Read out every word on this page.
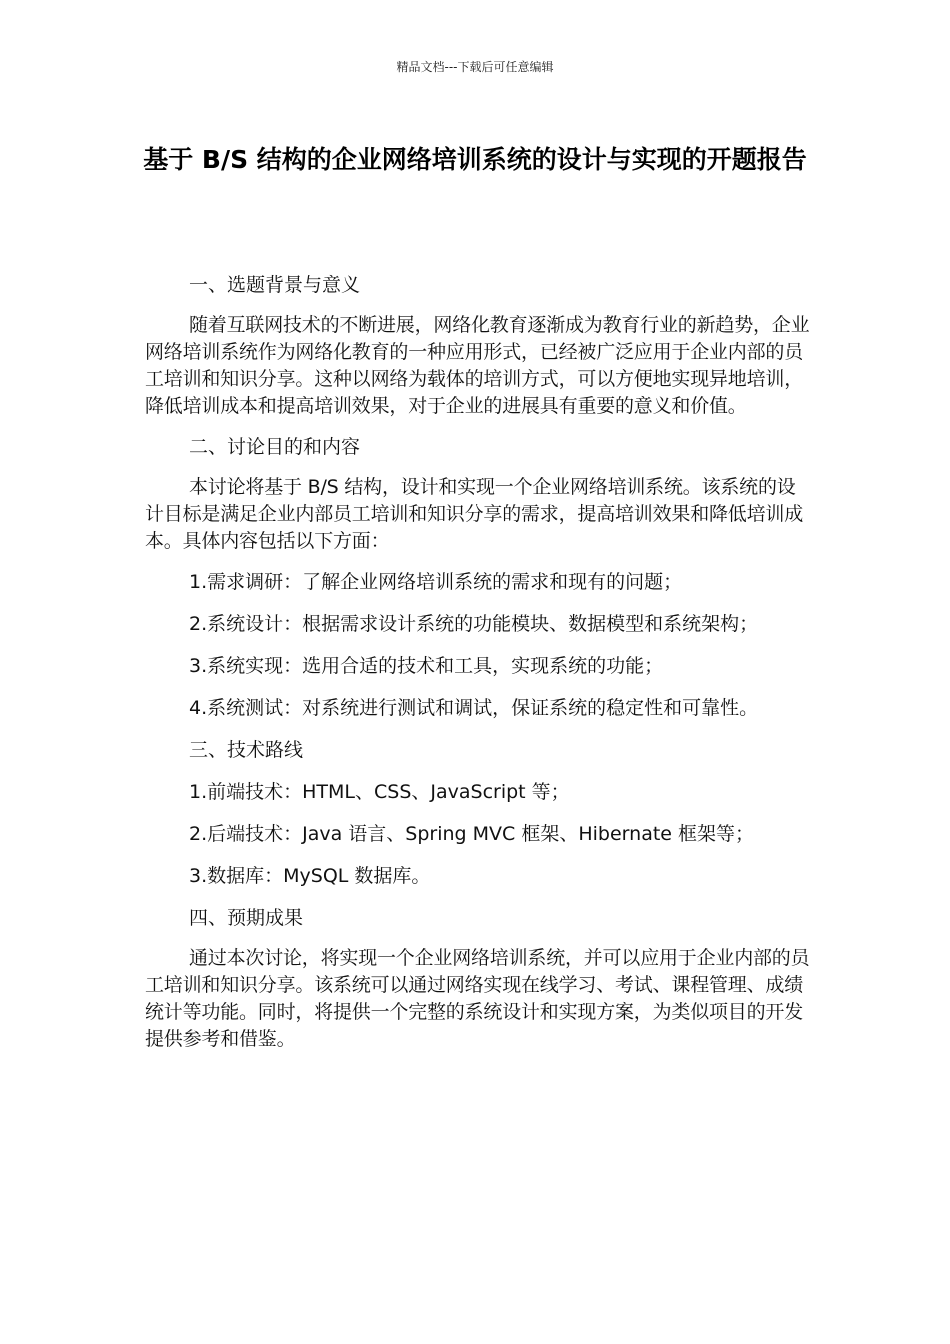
精品文档---下载后可任意编辑
基于 B/S 结构的企业网络培训系统的设计与实现的开题报告
一、选题背景与意义
随着互联网技术的不断进展，网络化教育逐渐成为教育行业的新趋势，企业网络培训系统作为网络化教育的一种应用形式，已经被广泛应用于企业内部的员工培训和知识分享。这种以网络为载体的培训方式，可以方便地实现异地培训，降低培训成本和提高培训效果，对于企业的进展具有重要的意义和价值。
二、讨论目的和内容
本讨论将基于 B/S 结构，设计和实现一个企业网络培训系统。该系统的设计目标是满足企业内部员工培训和知识分享的需求，提高培训效果和降低培训成本。具体内容包括以下方面：
1.需求调研：了解企业网络培训系统的需求和现有的问题；
2.系统设计：根据需求设计系统的功能模块、数据模型和系统架构；
3.系统实现：选用合适的技术和工具，实现系统的功能；
4.系统测试：对系统进行测试和调试，保证系统的稳定性和可靠性。
三、技术路线
1.前端技术：HTML、CSS、JavaScript 等；
2.后端技术：Java 语言、Spring MVC 框架、Hibernate 框架等；
3.数据库：MySQL 数据库。
四、预期成果
通过本次讨论，将实现一个企业网络培训系统，并可以应用于企业内部的员工培训和知识分享。该系统可以通过网络实现在线学习、考试、课程管理、成绩统计等功能。同时，将提供一个完整的系统设计和实现方案，为类似项目的开发提供参考和借鉴。
